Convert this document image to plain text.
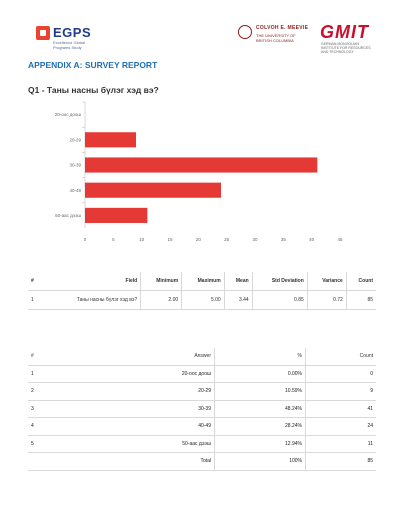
EGPS
Excellence Global Programs Study
COLVOH E. MEEVIE
THE UNIVERSITY OF BRITISH COLUMBIA	GMIT
GERMAN-MONGOLIAN INSTITUTE FOR RESOURCES AND TECHNOLOGY
APPENDIX A: SURVEY REPORT
Q1 - Таны насны бүлэг хэд вэ?
20-оос доош
20-29
30-39
40-49
50-аас дээш
0	5	10	15	20	25	30	35	40	45
#	Field	Minimum	Maximum	Mean	Std Deviation	Variance	Count
1	Таны насны бүлэг хэд вэ?	2.00	5.00	3.44	0.85	0.72	85
#	Answer	%	Count
1	20-оос доош	0.00%	0
2	20-29	10.59%	9
3	30-39	48.24%	41
4	40-49	28.24%	24
5	50-аас дээш	12.94%	11
	Total	100%	85
